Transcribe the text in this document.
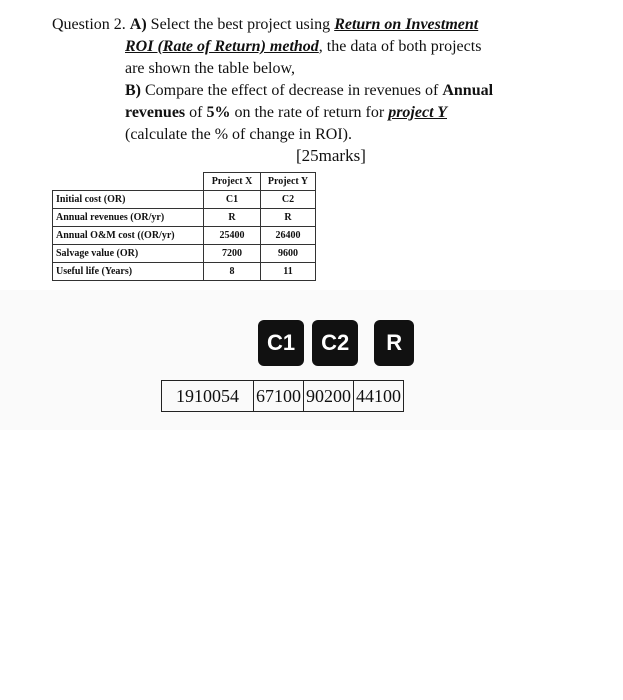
Question 2. A) Select the best project using Return on Investment
ROI (Rate of Return) method, the data of both projects
are shown the table below,
B) Compare the effect of decrease in revenues of Annual
revenues of 5% on the rate of return for project Y
(calculate the % of change in ROI).
[25marks]
	Project X	Project Y
Initial cost (OR)	C1	C2
Annual revenues (OR/yr)	R	R
Annual O&M cost ((OR/yr)	25400	26400
Salvage value (OR)	7200	9600
Useful life (Years)	8	11
C1	C2	R
1910054 67100 90200 44100
